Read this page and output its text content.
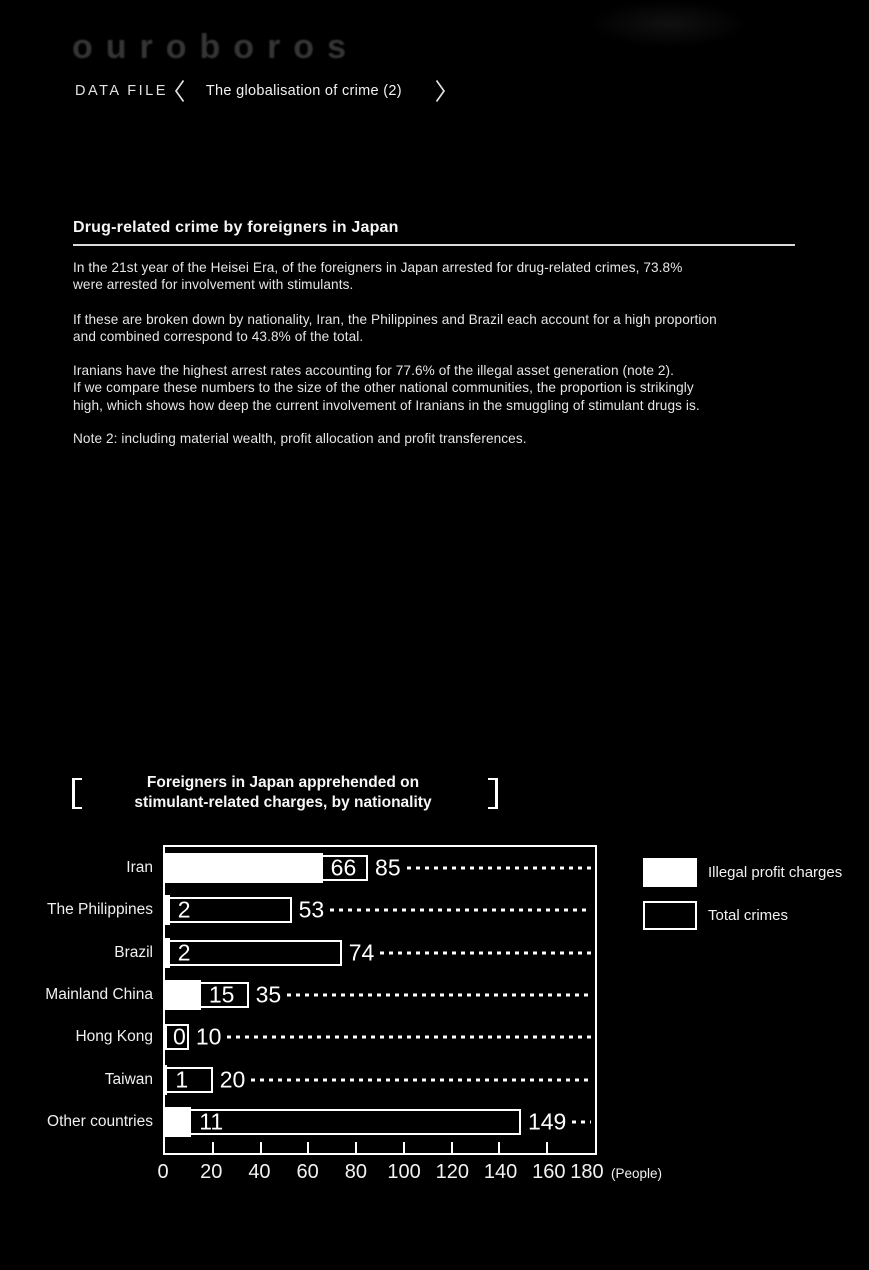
ouroboros
DATA FILE	The globalisation of crime (2)
Drug-related crime by foreigners in Japan
In the 21st year of the Heisei Era, of the foreigners in Japan arrested for drug-related crimes, 73.8%
were arrested for involvement with stimulants.
If these are broken down by nationality, Iran, the Philippines and Brazil each account for a high proportion
and combined correspond to 43.8% of the total.
Iranians have the highest arrest rates accounting for 77.6% of the illegal asset generation (note 2).
If we compare these numbers to the size of the other national communities, the proportion is strikingly
high, which shows how deep the current involvement of Iranians in the smuggling of stimulant drugs is.
Note 2: including material wealth, profit allocation and profit transferences.
Foreigners in Japan apprehended on
stimulant-related charges, by nationality
Iran	66 85
The Philippines 2	53
Brazil 2	74
Mainland China 15 35
Hong Kong 0 10
Taiwan 1 20
Other countries 11	149
(People)
0 20 40 60 80 100 120 140 160 180
Illegal profit charges
Total crimes
